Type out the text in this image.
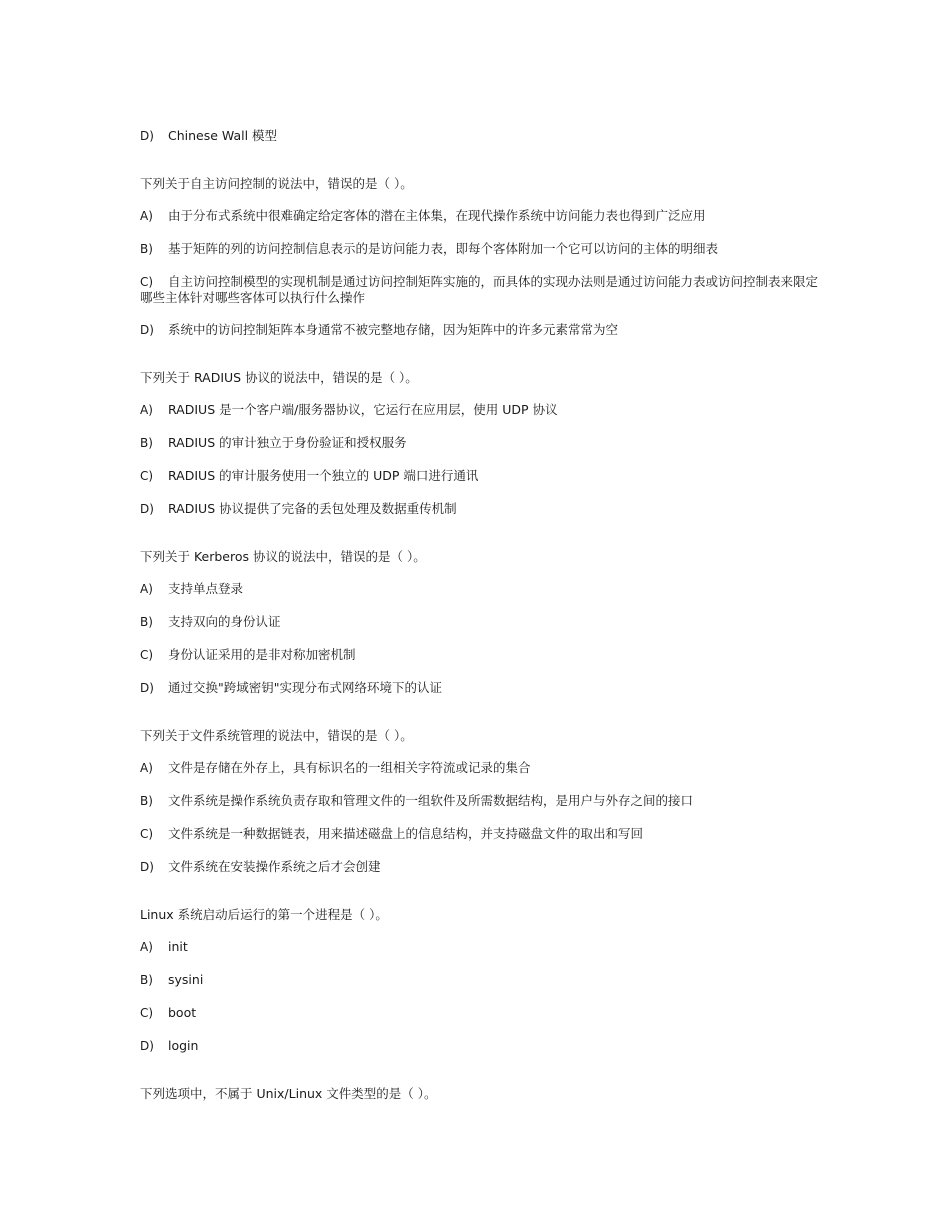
D)	Chinese Wall 模型
下列关于自主访问控制的说法中，错误的是（ ）。
A)	由于分布式系统中很难确定给定客体的潜在主体集，在现代操作系统中访问能力表也得到广泛应用
B)	基于矩阵的列的访问控制信息表示的是访问能力表，即每个客体附加一个它可以访问的主体的明细表
C) 自主访问控制模型的实现机制是通过访问控制矩阵实施的，而具体的实现办法则是通过访问能力表或访问控制表来限定哪些主体针对哪些客体可以执行什么操作
D)	系统中的访问控制矩阵本身通常不被完整地存储，因为矩阵中的许多元素常常为空
下列关于 RADIUS 协议的说法中，错误的是（ ）。
A)	RADIUS 是一个客户端/服务器协议，它运行在应用层，使用 UDP 协议
B)	RADIUS 的审计独立于身份验证和授权服务
C)	RADIUS 的审计服务使用一个独立的 UDP 端口进行通讯
D)	RADIUS 协议提供了完备的丢包处理及数据重传机制
下列关于 Kerberos 协议的说法中，错误的是（ ）。
A)	支持单点登录
B)	支持双向的身份认证
C)	身份认证采用的是非对称加密机制
D)	通过交换"跨域密钥"实现分布式网络环境下的认证
下列关于文件系统管理的说法中，错误的是（ ）。
A)	文件是存储在外存上，具有标识名的一组相关字符流或记录的集合
B)	文件系统是操作系统负责存取和管理文件的一组软件及所需数据结构，是用户与外存之间的接口
C)	文件系统是一种数据链表，用来描述磁盘上的信息结构，并支持磁盘文件的取出和写回
D)	文件系统在安装操作系统之后才会创建
Linux 系统启动后运行的第一个进程是（ ）。
A)	init
B)	sysini
C)	boot
D)	login
下列选项中，不属于 Unix/Linux 文件类型的是（ ）。
